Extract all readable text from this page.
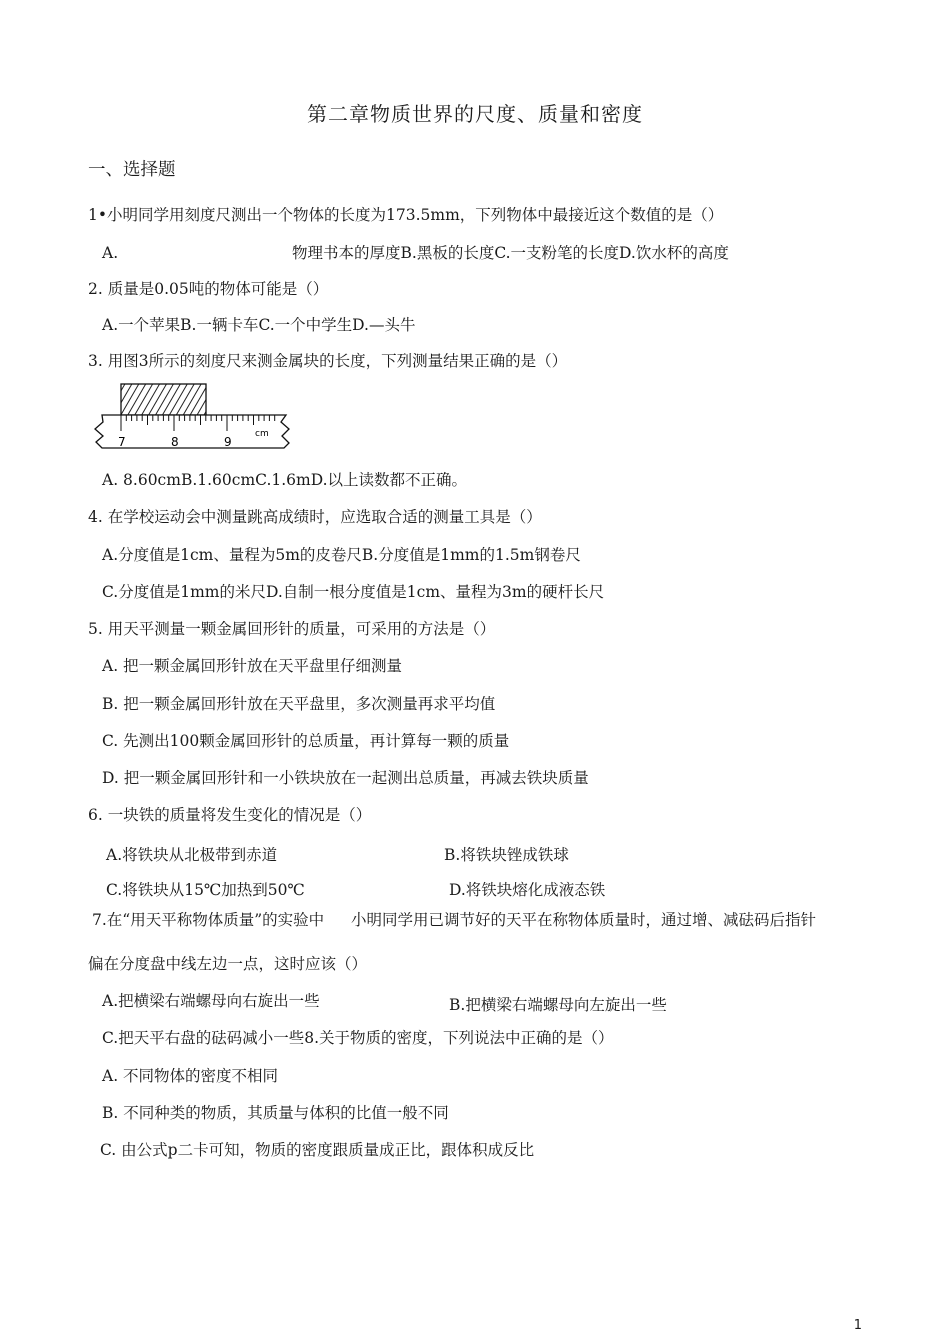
第二章物质世界的尺度、质量和密度
一、选择题
1•小明同学用刻度尺测出一个物体的长度为173.5mm，下列物体中最接近这个数值的是（）
A.	物理书本的厚度B.黑板的长度C.一支粉笔的长度D.饮水杯的高度
2. 质量是0.05吨的物体可能是（）
A.一个苹果B.一辆卡车C.一个中学生D.—头牛
3. 用图3所示的刻度尺来测金属块的长度，下列测量结果正确的是（）
7	8	9
cm
A. 8.60cmB.1.60cmC.1.6mD.以上读数都不正确。
4. 在学校运动会中测量跳高成绩时，应选取合适的测量工具是（）
A.分度值是1cm、量程为5m的皮卷尺B.分度值是1mm的1.5m钢卷尺
C.分度值是1mm的米尺D.自制一根分度值是1cm、量程为3m的硬杆长尺
5. 用天平测量一颗金属回形针的质量，可采用的方法是（）
A. 把一颗金属回形针放在天平盘里仔细测量
B. 把一颗金属回形针放在天平盘里，多次测量再求平均值
C. 先测出100颗金属回形针的总质量，再计算每一颗的质量
D. 把一颗金属回形针和一小铁块放在一起测出总质量，再减去铁块质量
6. 一块铁的质量将发生变化的情况是（）
A.将铁块从北极带到赤道	B.将铁块锉成铁球
C.将铁块从15℃加热到50℃	D.将铁块熔化成液态铁
7.在“用天平称物体质量”的实验中	小明同学用已调节好的天平在称物体质量时，通过增、减砝码后指针
偏在分度盘中线左边一点，这时应该（）
A.把横梁右端螺母向右旋出一些	B.把横梁右端螺母向左旋出一些
C.把天平右盘的砝码减小一些8.关于物质的密度，下列说法中正确的是（）
A. 不同物体的密度不相同
B. 不同种类的物质，其质量与体积的比值一般不同
C. 由公式p二卡可知，物质的密度跟质量成正比，跟体积成反比
1
